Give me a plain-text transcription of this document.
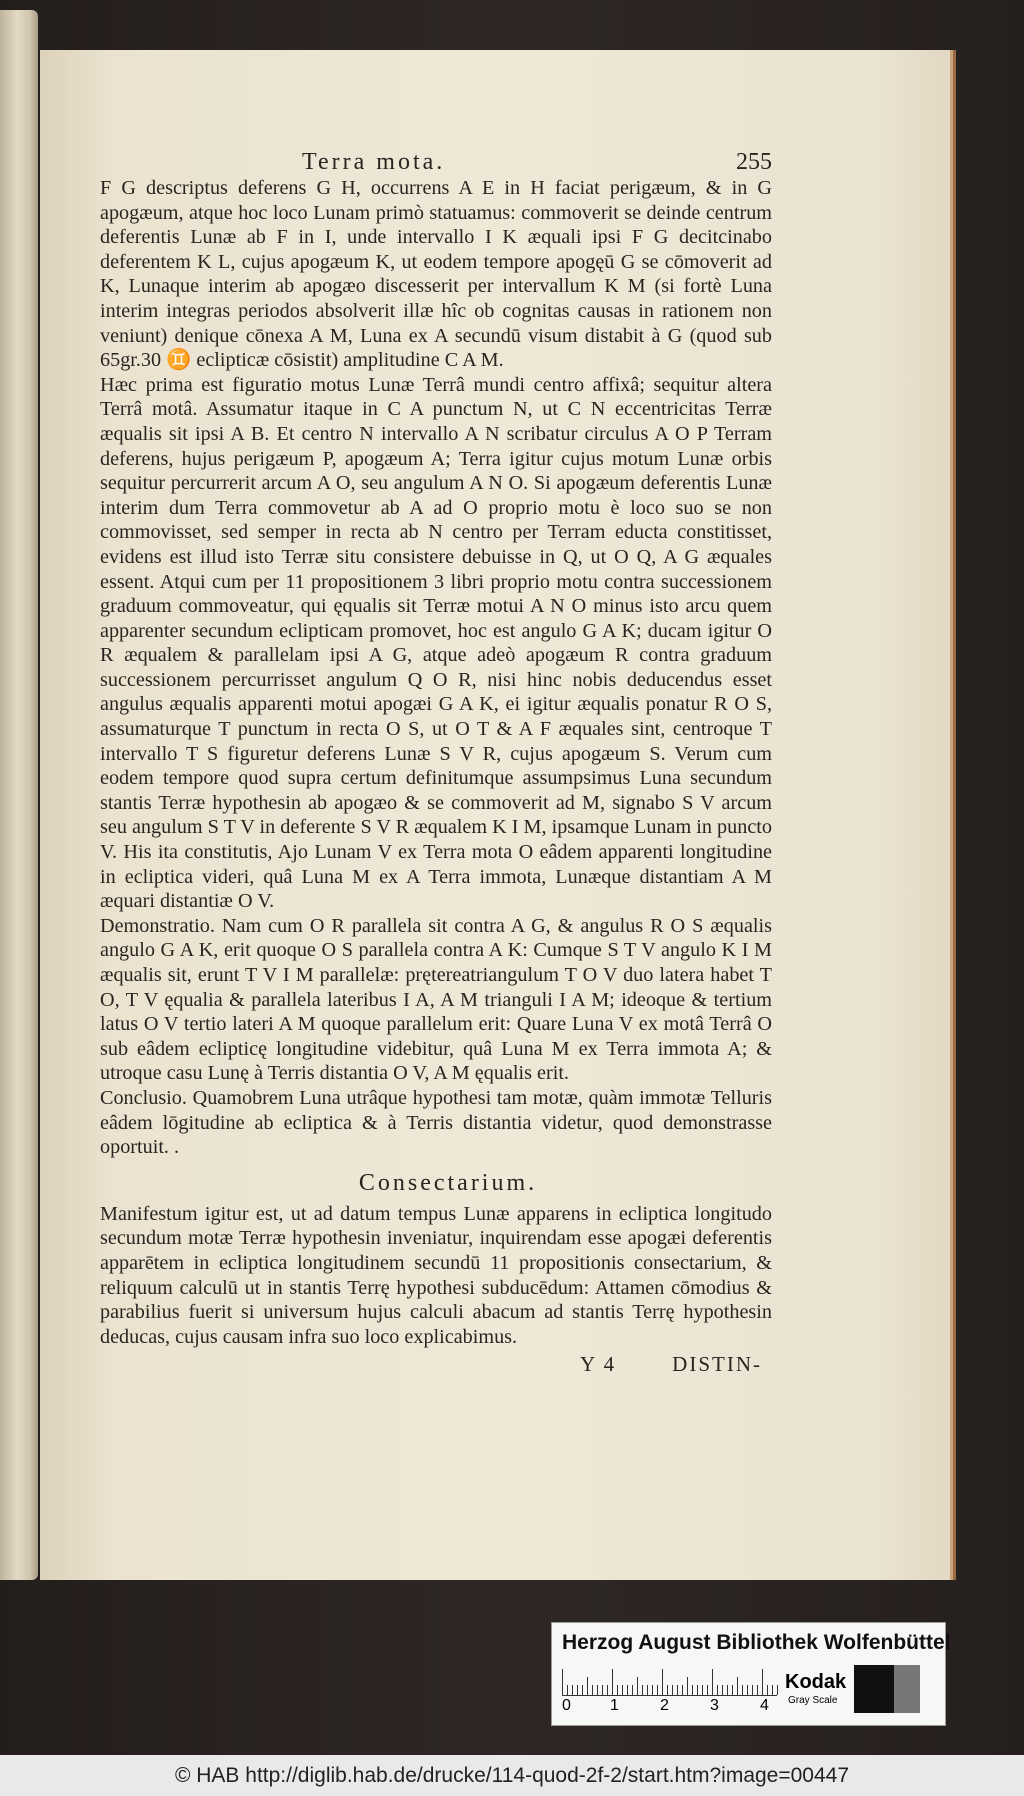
Terra mota.	255

F G descriptus deferens G H, occurrens A E in H faciat perigæum, & in G apogæum, atque hoc loco Lunam primò statuamus: commoverit se deinde centrum deferentis Lunæ ab F in I, unde intervallo I K æquali ipsi F G decitcinabo deferentem K L, cujus apogæum K, ut eodem tempore apogęū G se cōmoverit ad K, Lunaque interim ab apogæo discesserit per intervallum K M (si fortè Luna interim integras periodos absolverit illæ hîc ob cognitas causas in rationem non veniunt) denique cōnexa A M, Luna ex A secundū visum distabit à G (quod sub 65gr.30 ♊ eclipticæ cōsistit) amplitudine C A M.

Hæc prima est figuratio motus Lunæ Terrâ mundi centro affixâ; sequitur altera Terrâ motâ. Assumatur itaque in C A punctum N, ut C N eccentricitas Terræ æqualis sit ipsi A B. Et centro N intervallo A N scribatur circulus A O P Terram deferens, hujus perigæum P, apogæum A; Terra igitur cujus motum Lunæ orbis sequitur percurrerit arcum A O, seu angulum A N O. Si apogæum deferentis Lunæ interim dum Terra commovetur ab A ad O proprio motu è loco suo se non commovisset, sed semper in recta ab N centro per Terram educta constitisset, evidens est illud isto Terræ situ consistere debuisse in Q, ut O Q, A G æquales essent. Atqui cum per 11 propositionem 3 libri proprio motu contra successionem graduum commoveatur, qui ęqualis sit Terræ motui A N O minus isto arcu quem apparenter secundum eclipticam promovet, hoc est angulo G A K; ducam igitur O R æqualem & parallelam ipsi A G, atque adeò apogæum R contra graduum successionem percurrisset angulum Q O R, nisi hinc nobis deducendus esset angulus æqualis apparenti motui apogæi G A K, ei igitur æqualis ponatur R O S, assumaturque T punctum in recta O S, ut O T & A F æquales sint, centroque T intervallo T S figuretur deferens Lunæ S V R, cujus apogæum S. Verum cum eodem tempore quod supra certum definitumque assumpsimus Luna secundum stantis Terræ hypothesin ab apogæo & se commoverit ad M, signabo S V arcum seu angulum S T V in deferente S V R æqualem K I M, ipsamque Lunam in puncto V. His ita constitutis, Ajo Lunam V ex Terra mota O eâdem apparenti longitudine in ecliptica videri, quâ Luna M ex A Terra immota, Lunæque distantiam A M æquari distantiæ O V.

Demonstratio. Nam cum O R parallela sit contra A G, & angulus R O S æqualis angulo G A K, erit quoque O S parallela contra A K: Cumque S T V angulo K I M æqualis sit, erunt T V I M parallelæ: prętereatriangulum T O V duo latera habet T O, T V ęqualia & parallela lateribus I A, A M trianguli I A M; ideoque & tertium latus O V tertio lateri A M quoque parallelum erit: Quare Luna V ex motâ Terrâ O sub eâdem eclipticę longitudine videbitur, quâ Luna M ex Terra immota A; & utroque casu Lunę à Terris distantia O V, A M ęqualis erit.

Conclusio. Quamobrem Luna utrâque hypothesi tam motæ, quàm immotæ Telluris eâdem lōgitudine ab ecliptica & à Terris distantia videtur, quod demonstrasse oportuit. .

Consectarium.

Manifestum igitur est, ut ad datum tempus Lunæ apparens in ecliptica longitudo secundum motæ Terræ hypothesin inveniatur, inquirendam esse apogæi deferentis apparētem in ecliptica longitudinem secundū 11 propositionis consectarium, & reliquum calculū ut in stantis Terrę hypothesi subducēdum: Attamen cōmodius & parabilius fuerit si universum hujus calculi abacum ad stantis Terrę hypothesin deducas, cujus causam infra suo loco explicabimus.

Y 4	DISTIN-
Herzog August Bibliothek Wolfenbüttel
0 1	2	3	4
Kodak
Gray Scale
© HAB http://diglib.hab.de/drucke/114-quod-2f-2/start.htm?image=00447
